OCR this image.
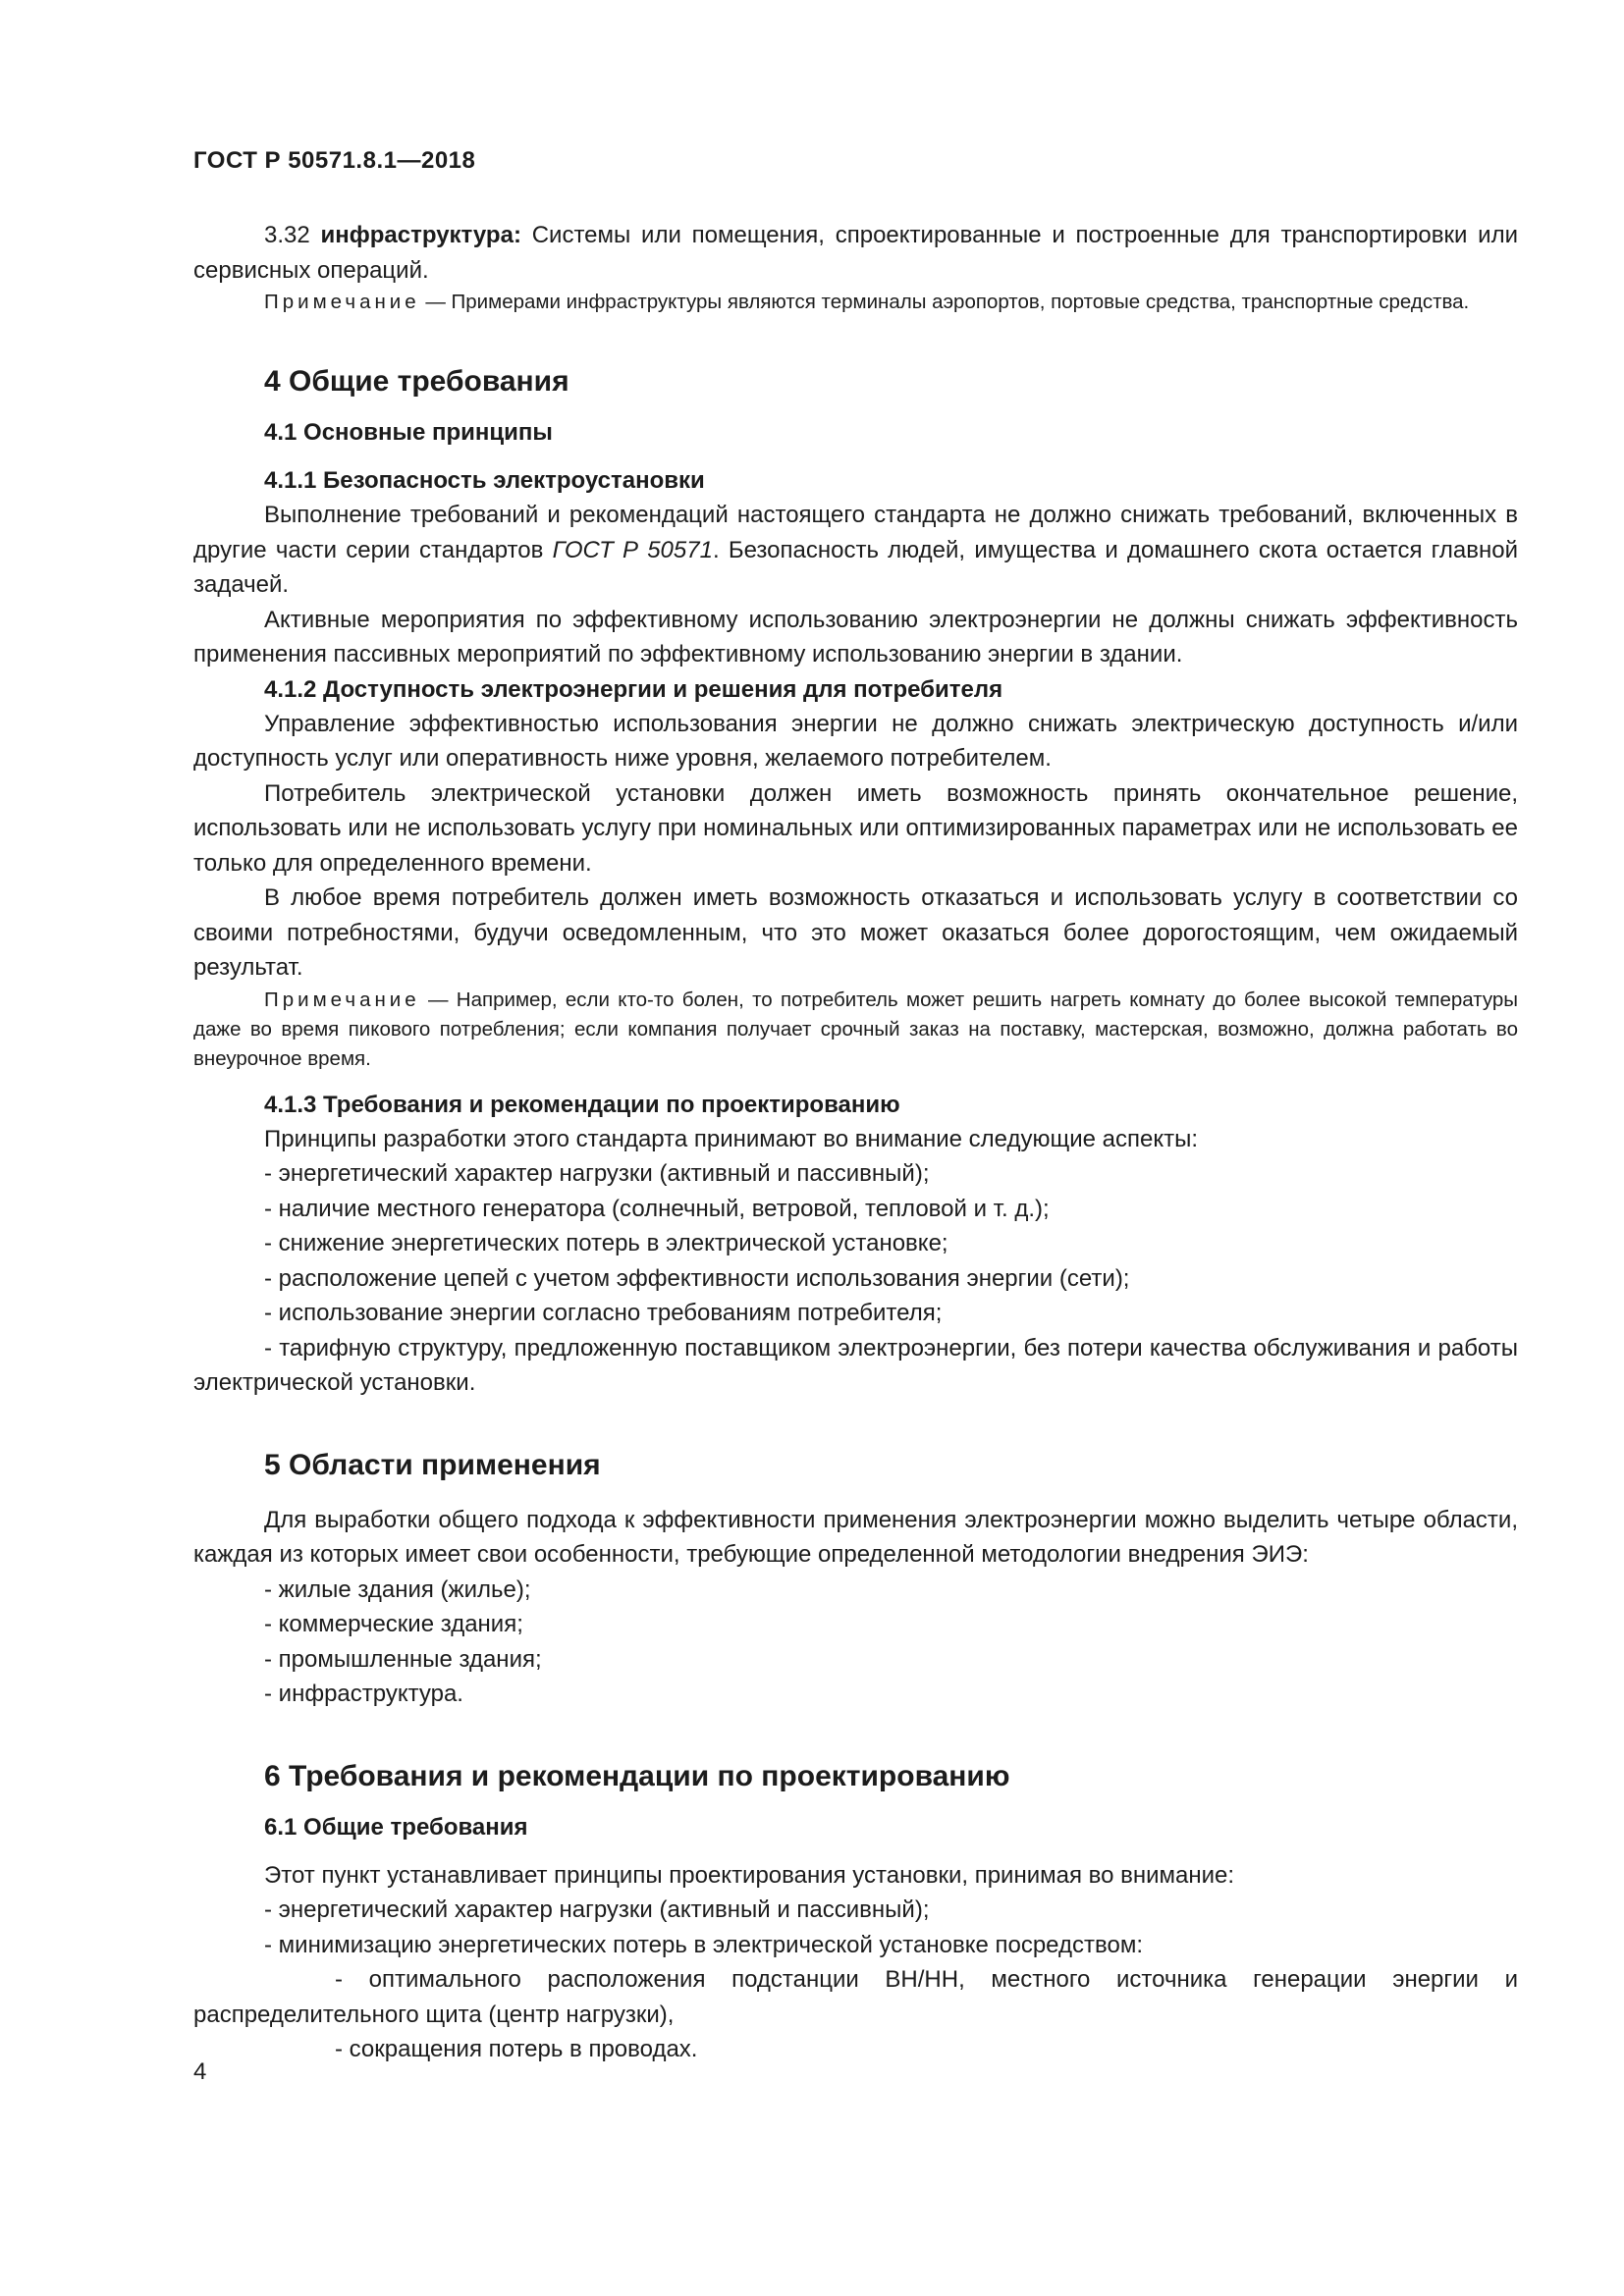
ГОСТ Р 50571.8.1—2018

3.32 инфраструктура: Системы или помещения, спроектированные и построенные для транспортировки или сервисных операций.

Примечание — Примерами инфраструктуры являются терминалы аэропортов, портовые средства, транспортные средства.

4 Общие требования
4.1 Основные принципы
4.1.1 Безопасность электроустановки

Выполнение требований и рекомендаций настоящего стандарта не должно снижать требований, включенных в другие части серии стандартов ГОСТ Р 50571. Безопасность людей, имущества и домашнего скота остается главной задачей.

Активные мероприятия по эффективному использованию электроэнергии не должны снижать эффективность применения пассивных мероприятий по эффективному использованию энергии в здании.

4.1.2 Доступность электроэнергии и решения для потребителя

Управление эффективностью использования энергии не должно снижать электрическую доступность и/или доступность услуг или оперативность ниже уровня, желаемого потребителем.

Потребитель электрической установки должен иметь возможность принять окончательное решение, использовать или не использовать услугу при номинальных или оптимизированных параметрах или не использовать ее только для определенного времени.

В любое время потребитель должен иметь возможность отказаться и использовать услугу в соответствии со своими потребностями, будучи осведомленным, что это может оказаться более дорогостоящим, чем ожидаемый результат.

Примечание — Например, если кто-то болен, то потребитель может решить нагреть комнату до более высокой температуры даже во время пикового потребления; если компания получает срочный заказ на поставку, мастерская, возможно, должна работать во внеурочное время.

4.1.3 Требования и рекомендации по проектированию

Принципы разработки этого стандарта принимают во внимание следующие аспекты:

- энергетический характер нагрузки (активный и пассивный);

- наличие местного генератора (солнечный, ветровой, тепловой и т. д.);

- снижение энергетических потерь в электрической установке;

- расположение цепей с учетом эффективности использования энергии (сети);

- использование энергии согласно требованиям потребителя;

- тарифную структуру, предложенную поставщиком электроэнергии, без потери качества обслуживания и работы электрической установки.

5 Области применения

Для выработки общего подхода к эффективности применения электроэнергии можно выделить четыре области, каждая из которых имеет свои особенности, требующие определенной методологии внедрения ЭИЭ:

- жилые здания (жилье);

- коммерческие здания;

- промышленные здания;

- инфраструктура.

6 Требования и рекомендации по проектированию
6.1 Общие требования

Этот пункт устанавливает принципы проектирования установки, принимая во внимание:

- энергетический характер нагрузки (активный и пассивный);

- минимизацию энергетических потерь в электрической установке посредством:

- оптимального расположения подстанции ВН/НН, местного источника генерации энергии и распределительного щита (центр нагрузки),

- сокращения потерь в проводах.

4
